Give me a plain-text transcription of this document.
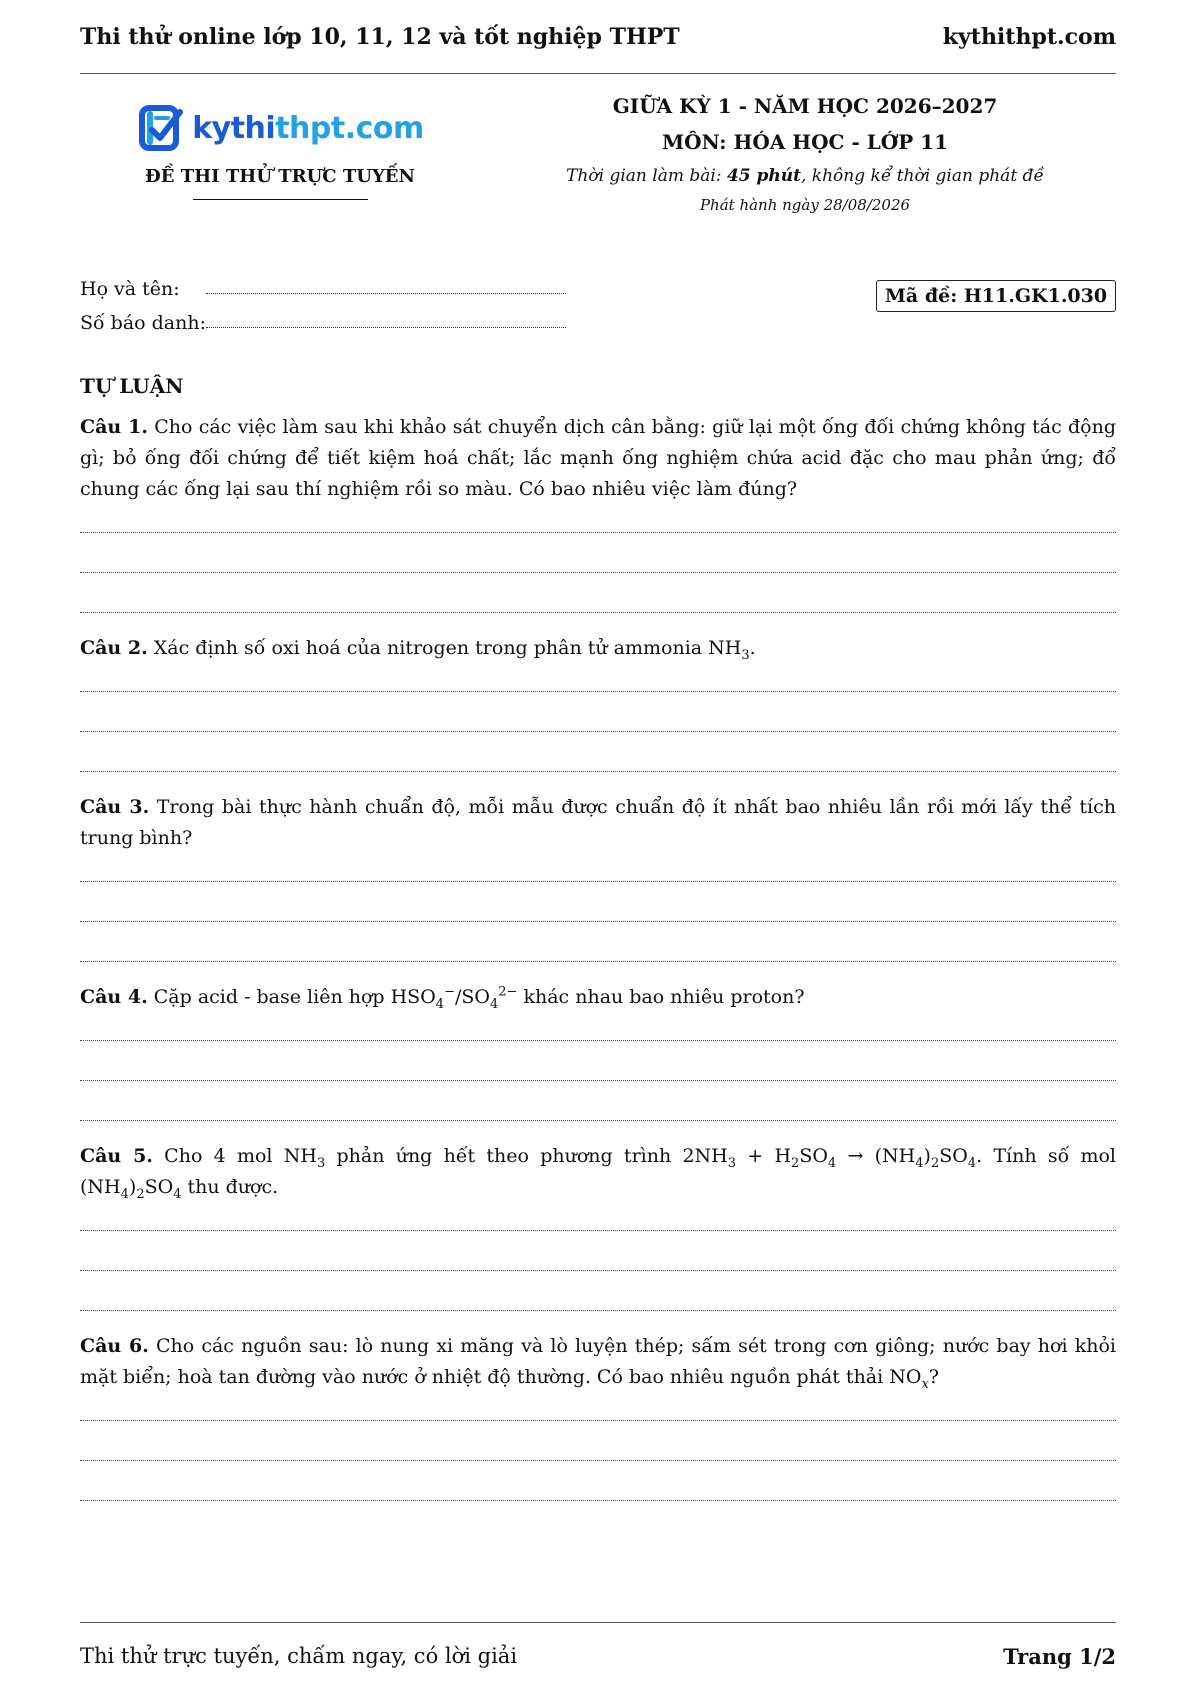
Thi thử online lớp 10, 11, 12 và tốt nghiệp THPT	kythithpt.com
kythithpt.com
ĐỀ THI THỬ TRỰC TUYẾN
GIỮA KỲ 1 - NĂM HỌC 2026–2027
MÔN: HÓA HỌC - LỚP 11
Thời gian làm bài: 45 phút, không kể thời gian phát đề
Phát hành ngày 28/08/2026
Họ và tên:
Số báo danh:
Mã đề: H11.GK1.030
TỰ LUẬN
Câu 1. Cho các việc làm sau khi khảo sát chuyển dịch cân bằng: giữ lại một ống đối chứng không tác động gì; bỏ ống đối chứng để tiết kiệm hoá chất; lắc mạnh ống nghiệm chứa acid đặc cho mau phản ứng; đổ chung các ống lại sau thí nghiệm rồi so màu. Có bao nhiêu việc làm đúng?
Câu 2. Xác định số oxi hoá của nitrogen trong phân tử ammonia $NH_3$.
Câu 3. Trong bài thực hành chuẩn độ, mỗi mẫu được chuẩn độ ít nhất bao nhiêu lần rồi mới lấy thể tích trung bình?
Câu 4. Cặp acid - base liên hợp $HSO_4^-/SO_4^{2-}$ khác nhau bao nhiêu proton?
Câu 5. Cho 4 mol $NH_3$ phản ứng hết theo phương trình $2NH_3 + H_2SO_4 \to (NH_4)_2SO_4$. Tính số mol $(NH_4)_2SO_4$ thu được.
Câu 6. Cho các nguồn sau: lò nung xi măng và lò luyện thép; sấm sét trong cơn giông; nước bay hơi khỏi mặt biển; hoà tan đường vào nước ở nhiệt độ thường. Có bao nhiêu nguồn phát thải $NO_x$?
Thi thử trực tuyến, chấm ngay, có lời giải	Trang 1/2
